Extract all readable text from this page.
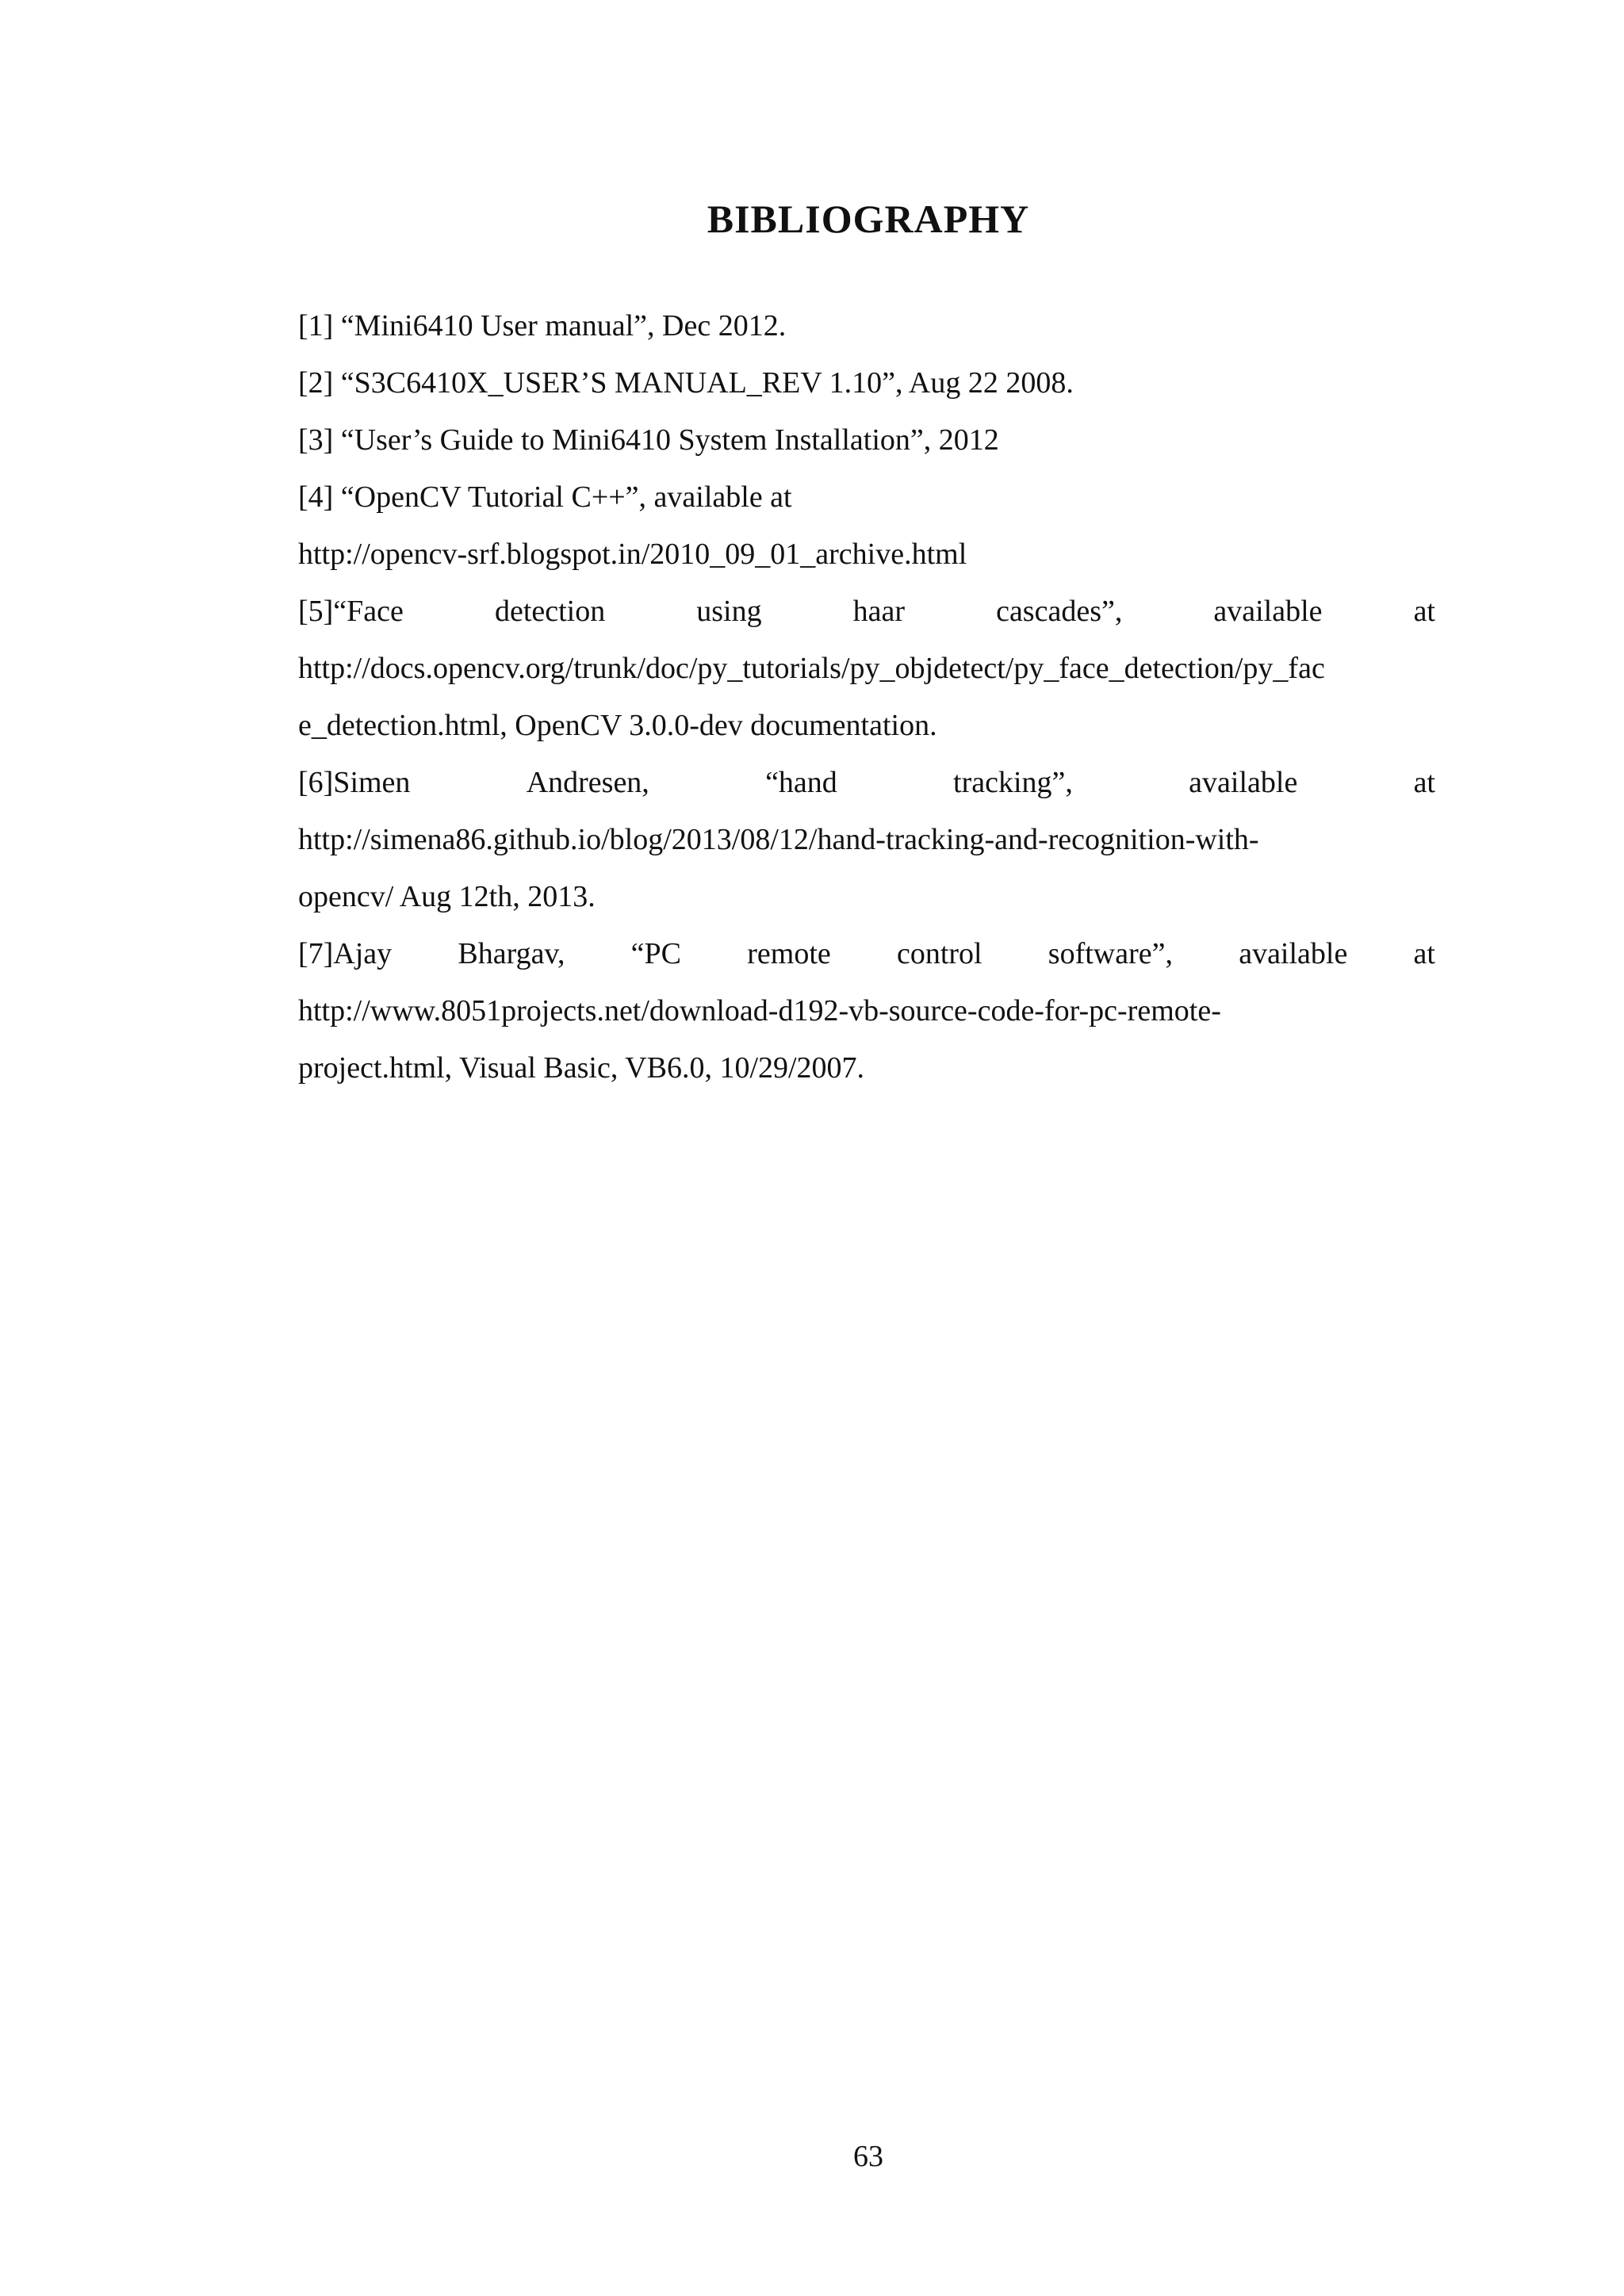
BIBLIOGRAPHY
[1] “Mini6410 User manual”, Dec 2012.
[2] “S3C6410X_USER’S MANUAL_REV 1.10”, Aug 22 2008.
[3] “User’s Guide to Mini6410 System Installation”, 2012
[4] “OpenCV Tutorial C++”, available at
http://opencv-srf.blogspot.in/2010_09_01_archive.html
[5]“Face	detection	using	haar	cascades”,	available	at
http://docs.opencv.org/trunk/doc/py_tutorials/py_objdetect/py_face_detection/py_fac
e_detection.html, OpenCV 3.0.0-dev documentation.
[6]Simen	Andresen,	“hand	tracking”,	available	at
http://simena86.github.io/blog/2013/08/12/hand-tracking-and-recognition-with-
opencv/ Aug 12th, 2013.
[7]Ajay Bhargav, “PC remote control software”, available at
http://www.8051projects.net/download-d192-vb-source-code-for-pc-remote-
project.html, Visual Basic, VB6.0, 10/29/2007.
63
